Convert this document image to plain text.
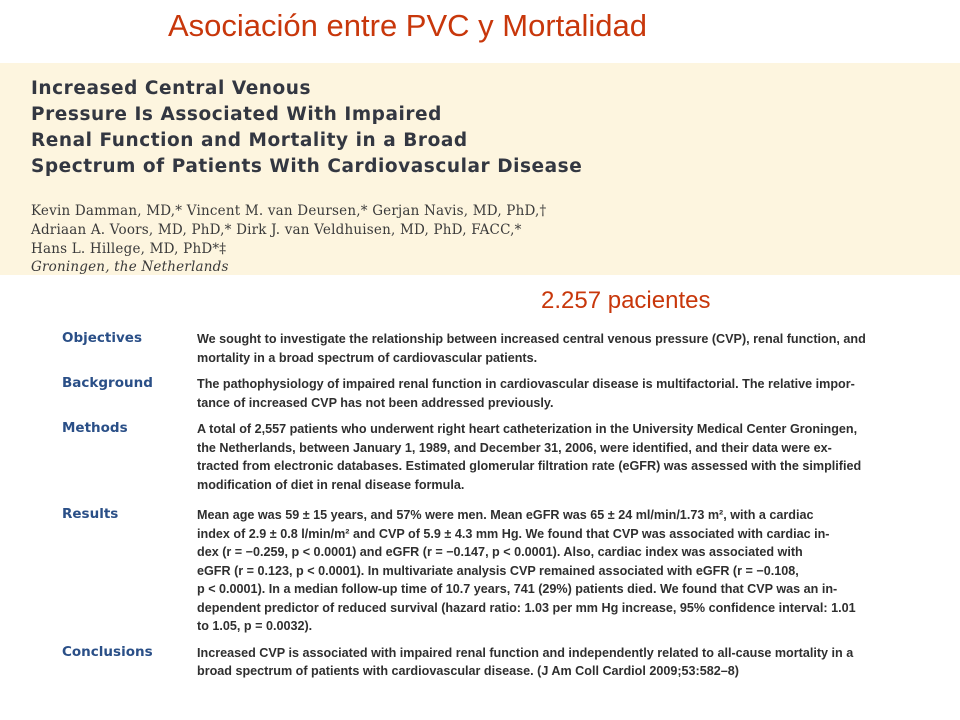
Asociación entre PVC y Mortalidad
Increased Central Venous
Pressure Is Associated With Impaired
Renal Function and Mortality in a Broad
Spectrum of Patients With Cardiovascular Disease
Kevin Damman, MD,* Vincent M. van Deursen,* Gerjan Navis, MD, PhD,†
Adriaan A. Voors, MD, PhD,* Dirk J. van Veldhuisen, MD, PhD, FACC,*
Hans L. Hillege, MD, PhD*‡
Groningen, the Netherlands
2.257 pacientes
Objectives	We sought to investigate the relationship between increased central venous pressure (CVP), renal function, and
mortality in a broad spectrum of cardiovascular patients.
Background	The pathophysiology of impaired renal function in cardiovascular disease is multifactorial. The relative impor-
tance of increased CVP has not been addressed previously.
Methods	A total of 2,557 patients who underwent right heart catheterization in the University Medical Center Groningen,
the Netherlands, between January 1, 1989, and December 31, 2006, were identified, and their data were ex-
tracted from electronic databases. Estimated glomerular filtration rate (eGFR) was assessed with the simplified
modification of diet in renal disease formula.
Results	Mean age was 59 ± 15 years, and 57% were men. Mean eGFR was 65 ± 24 ml/min/1.73 m², with a cardiac
index of 2.9 ± 0.8 l/min/m² and CVP of 5.9 ± 4.3 mm Hg. We found that CVP was associated with cardiac in-
dex (r = −0.259, p < 0.0001) and eGFR (r = −0.147, p < 0.0001). Also, cardiac index was associated with
eGFR (r = 0.123, p < 0.0001). In multivariate analysis CVP remained associated with eGFR (r = −0.108,
p < 0.0001). In a median follow-up time of 10.7 years, 741 (29%) patients died. We found that CVP was an in-
dependent predictor of reduced survival (hazard ratio: 1.03 per mm Hg increase, 95% confidence interval: 1.01
to 1.05, p = 0.0032).
Conclusions	Increased CVP is associated with impaired renal function and independently related to all-cause mortality in a
broad spectrum of patients with cardiovascular disease. (J Am Coll Cardiol 2009;53:582–8)
